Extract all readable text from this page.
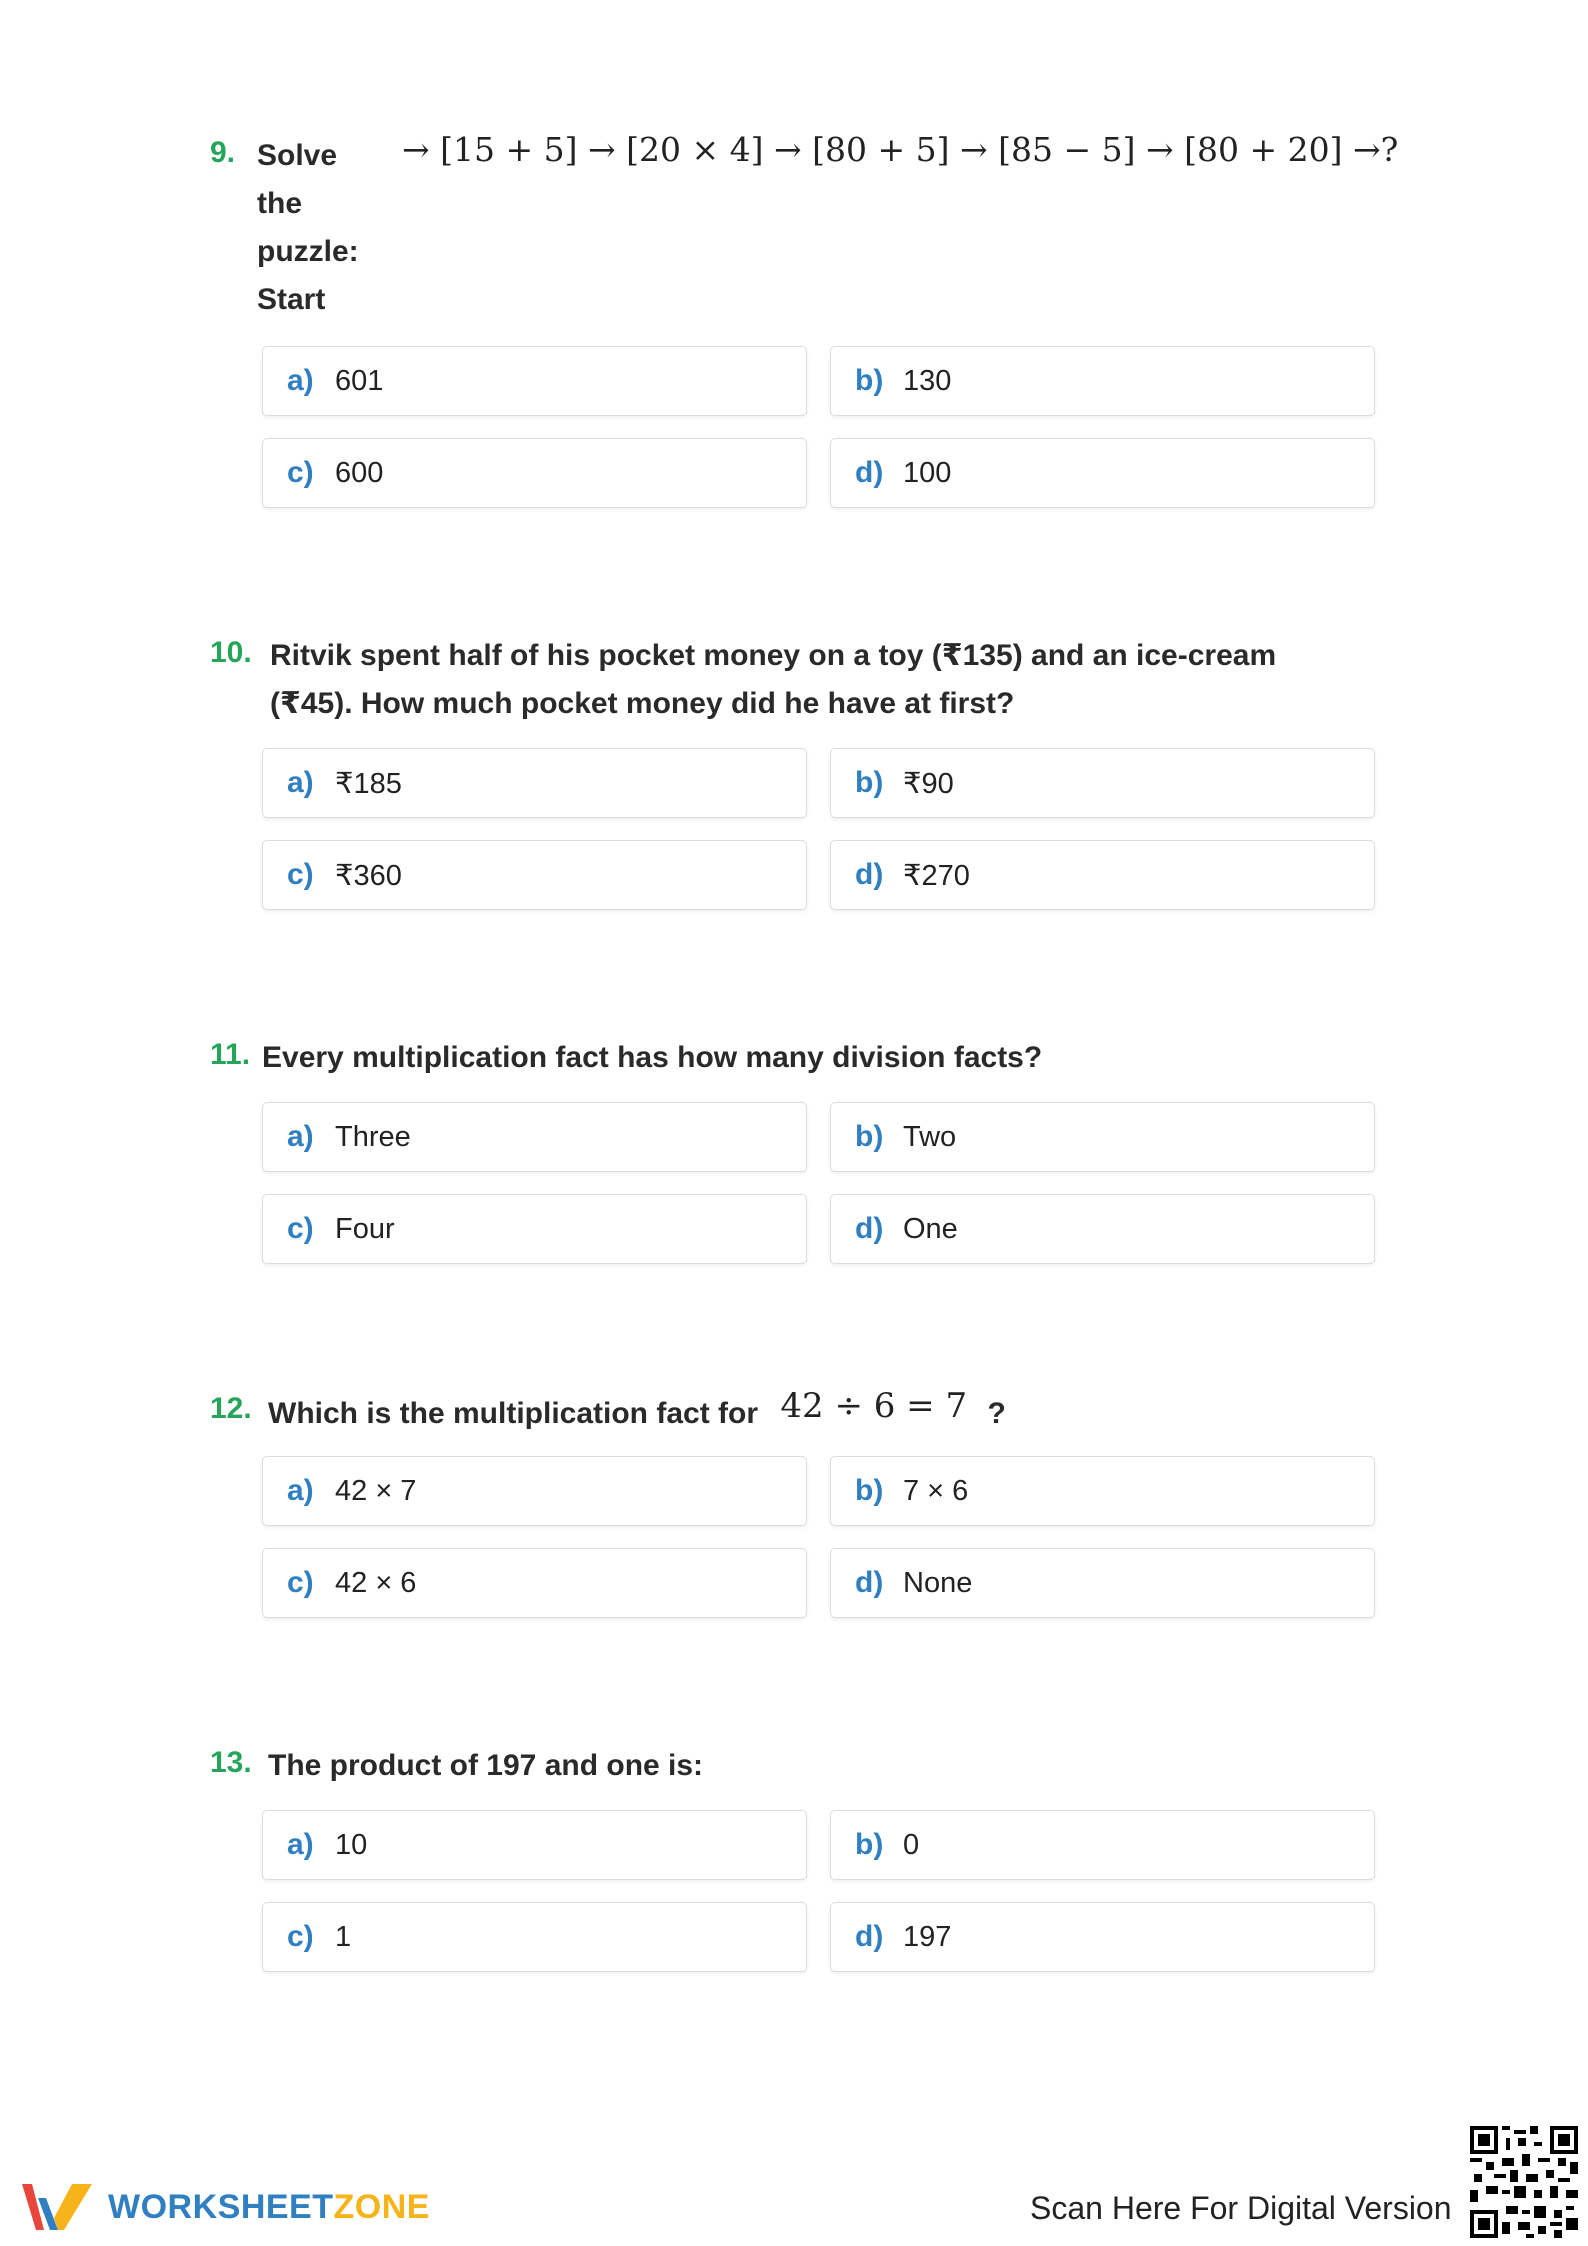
9. Solve
the
puzzle:
Start
→ [15 + 5] → [20 × 4] → [80 + 5] → [85 − 5] → [80 + 20] →?
a) 601	b) 130
c) 600	d) 100
10. Ritvik spent half of his pocket money on a toy (₹135) and an ice-cream
(₹45). How much pocket money did he have at first?
a) ₹185	b) ₹90
c) ₹360	d) ₹270
11. Every multiplication fact has how many division facts?
a) Three	b) Two
c) Four	d) One
12. Which is the multiplication fact for 42 ÷ 6 = 7 ?
a) 42 × 7	b) 7 × 6
c) 42 × 6	d) None
13. The product of 197 and one is:
a) 10	b) 0
c) 1	d) 197
WORKSHEETZONE	Scan Here For Digital Version
